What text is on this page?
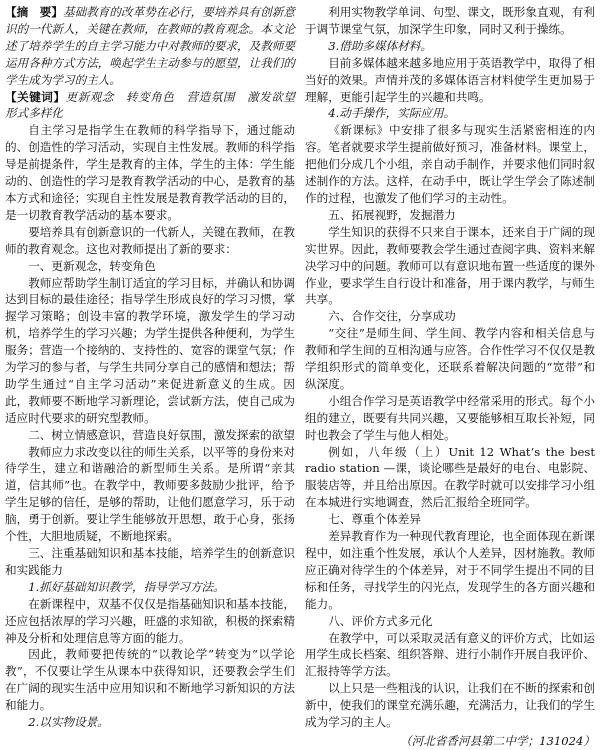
【摘　要】基础教育的改革势在必行，要培养具有创新意识的一代新人，关键在教师，在教师的教育观念。本文论述了培养学生的自主学习能力中对教师的要求，及教师要运用各种方式方法，唤起学生主动参与的愿望，让我们的学生成为学习的主人。

【关键词】更新观念　转变角色　营造氛围　激发欲望　形式多样化

自主学习是指学生在教师的科学指导下，通过能动的、创造性的学习活动，实现自主性发展。教师的科学指导是前提条件，学生是教育的主体，学生的主体：学生能动的、创造性的学习是教育教学活动的中心，是教育的基本方式和途径；实现自主性发展是教育教学活动的目的，是一切教育教学活动的基本要求。

要培养具有创新意识的一代新人，关键在教师，在教师的教育观念。这也对教师提出了新的要求：

一、更新观念，转变角色

教师应帮助学生制订适宜的学习目标，并确认和协调达到目标的最佳途径；指导学生形成良好的学习习惯，掌握学习策略；创设丰富的教学环境，激发学生的学习动机，培养学生的学习兴趣；为学生提供各种便利，为学生服务；营造一个接纳的、支持性的、宽容的课堂气氛；作为学习的参与者，与学生共同分享自己的感情和想法；帮助学生通过“自主学习活动”来促进新意义的生成。因此，教师要不断地学习新理论，尝试新方法，使自己成为适应时代要求的研究型教师。

二、树立情感意识，营造良好氛围，激发探索的欲望

教师应力求改变以往的师生关系，以平等的身份来对待学生，建立和谐融洽的新型师生关系。是所谓“亲其道，信其师”也。在教学中，教师要多鼓励少批评，给予学生足够的信任，是够的帮助，让他们愿意学习，乐于动脑，勇于创新。要让学生能够放开思想，敢于心身，张扬个性，大胆地质疑，不断地探索。

三、注重基础知识和基本技能，培养学生的创新意识和实践能力

1.抓好基础知识教学，指导学习方法。

在新课程中，双基不仅仅是指基础知识和基本技能，还应包括浓厚的学习兴趣，旺盛的求知欲，积极的探索精神及分析和处理信息等方面的能力。

因此，教师要把传统的“以教论学”转变为“以学论教”，不仅要让学生从课本中获得知识，还要教会学生们在广阔的现实生活中应用知识和不断地学习新知识的方法和能力。

2.以实物设景。

利用实物教学单词、句型、课文，既形象直观，有利于调节课堂气氛，加深学生印象，同时又利于操练。

3.借助多媒体材料。

目前多媒体越来越多地应用于英语教学中，取得了相当好的效果。声情并茂的多媒体语言材料使学生更加易于理解，更能引起学生的兴趣和共鸣。

4.动手操作，实际应用。

《新课标》中安排了很多与现实生活紧密相连的内容。笔者就要求学生提前做好预习，准备材料。课堂上，把他们分成几个小组，亲自动手制作，并要求他们同时叙述制作的方法。这样，在动手中，既让学生学会了陈述制作的过程，也激发了他们学习的主动性。

五、拓展视野，发掘潜力

学生知识的获得不只来自于课本，还来自于广阔的现实世界。因此，教师要教会学生通过查阅字典、资料来解决学习中的问题。教师可以有意识地布置一些适度的课外作业，要求学生自行设计和准备，用于课内教学，与师生共享。

六、合作交往，分享成功

“交往”是师生间、学生间、教学内容和相关信息与教师和学生间的互相沟通与应答。合作性学习不仅仅是教学组织形式的简单变化，还联系着解决问题的“宽带”和纵深度。

小组合作学习是英语教学中经常采用的形式。每个小组的建立，既要有共同兴趣，又要能够相互取长补短，同时也教会了学生与他人相处。

例如，八年级（上）Unit 12 What’s the best radio station —课，谈论哪些是最好的电台、电影院、服装店等，并且给出原因。在教学时就可以安排学习小组在本城进行实地调查，然后汇报给全班同学。

七、尊重个体差异

差异教育作为一种现代教育理论，也全面体现在新课程中，如注重个性发展，承认个人差异，因材施教。教师应正确对待学生的个体差异，对于不同学生提出不同的目标和任务，寻找学生的闪光点，发现学生的各方面兴趣和能力。

八、评价方式多元化

在教学中，可以采取灵活有意义的评价方式，比如运用学生成长档案、组织答辩、进行小制作开展自我评价、汇报持等学方法。

以上只是一些粗浅的认识，让我们在不断的探索和创新中，使我们的课堂充满乐趣，充满活力，让我们的学生成为学习的主人。

（河北省香河县第二中学；131024）
